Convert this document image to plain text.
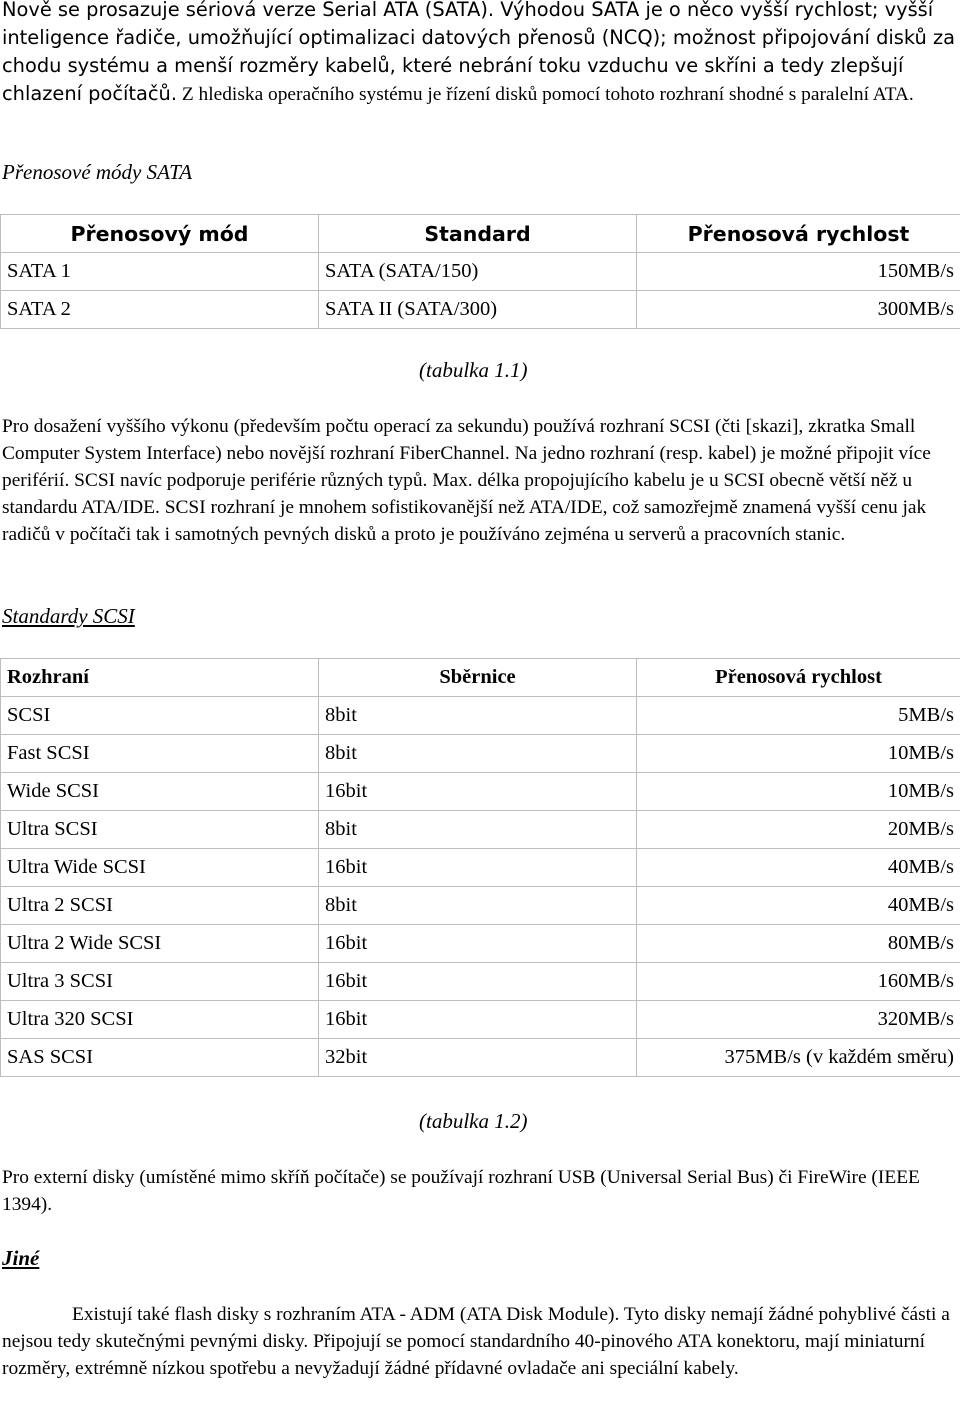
Nově se prosazuje sériová verze Serial ATA (SATA). Výhodou SATA je o něco vyšší rychlost; vyšší inteligence řadiče, umožňující optimalizaci datových přenosů (NCQ); možnost připojování disků za chodu systému a menší rozměry kabelů, které nebrání toku vzduchu ve skříni a tedy zlepšují chlazení počítačů. Z hlediska operačního systému je řízení disků pomocí tohoto rozhraní shodné s paralelní ATA.

Přenosové módy SATA
Přenosový mód	Standard	Přenosová rychlost
SATA 1	SATA (SATA/150)	150MB/s
SATA 2	SATA II (SATA/300)	300MB/s
(tabulka 1.1)

Pro dosažení vyššího výkonu (především počtu operací za sekundu) používá rozhraní SCSI (čti [skazi], zkratka Small Computer System Interface) nebo novější rozhraní FiberChannel. Na jedno rozhraní (resp. kabel) je možné připojit více periférií. SCSI navíc podporuje periférie různých typů. Max. délka propojujícího kabelu je u SCSI obecně větší něž u standardu ATA/IDE. SCSI rozhraní je mnohem sofistikovanější než ATA/IDE, což samozřejmě znamená vyšší cenu jak radičů v počítači tak i samotných pevných disků a proto je používáno zejména u serverů a pracovních stanic.

Standardy SCSI
Rozhraní	Sběrnice	Přenosová rychlost
SCSI	8bit	5MB/s
Fast SCSI	8bit	10MB/s
Wide SCSI	16bit	10MB/s
Ultra SCSI	8bit	20MB/s
Ultra Wide SCSI	16bit	40MB/s
Ultra 2 SCSI	8bit	40MB/s
Ultra 2 Wide SCSI	16bit	80MB/s
Ultra 3 SCSI	16bit	160MB/s
Ultra 320 SCSI	16bit	320MB/s
SAS SCSI	32bit	375MB/s (v každém směru)
(tabulka 1.2)

Pro externí disky (umístěné mimo skříň počítače) se používají rozhraní USB (Universal Serial Bus) či FireWire (IEEE 1394).

Jiné

Existují také flash disky s rozhraním ATA - ADM (ATA Disk Module). Tyto disky nemají žádné pohyblivé části a nejsou tedy skutečnými pevnými disky. Připojují se pomocí standardního 40-pinového ATA konektoru, mají miniaturní rozměry, extrémně nízkou spotřebu a nevyžadují žádné přídavné ovladače ani speciální kabely.
